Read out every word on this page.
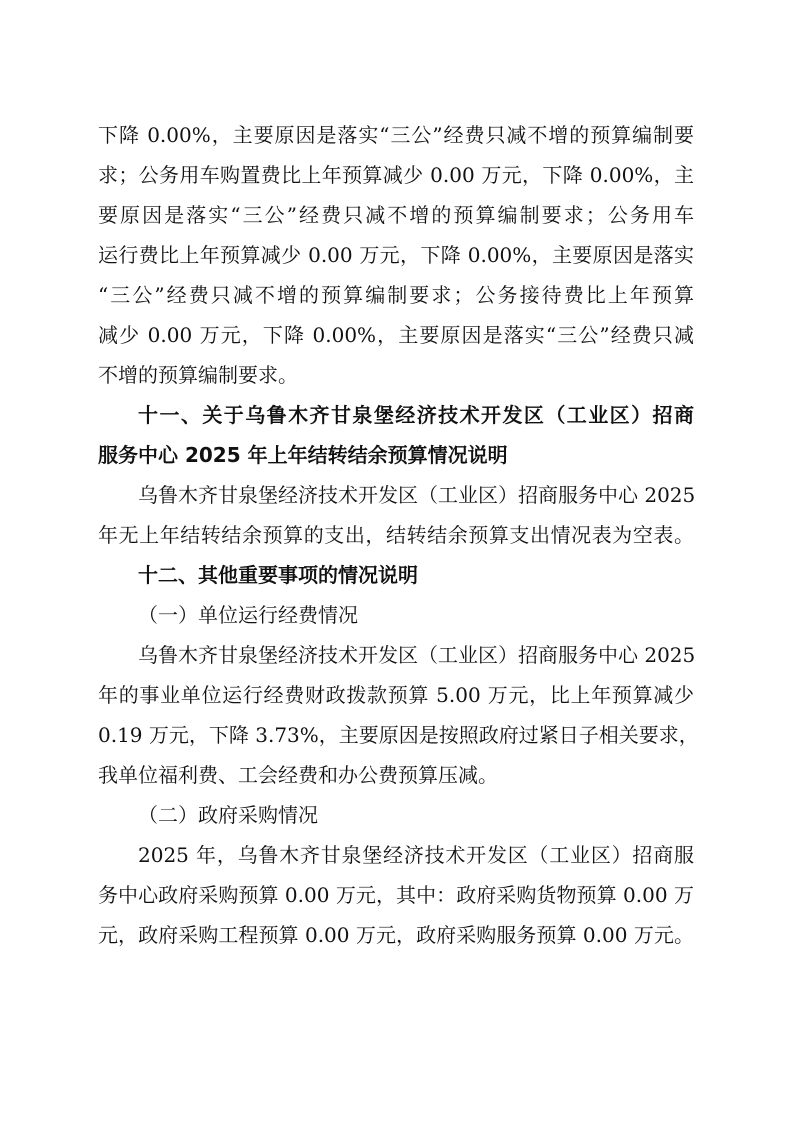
下降 0.00%，主要原因是落实“三公”经费只减不增的预算编制要
求；公务用车购置费比上年预算减少 0.00 万元，下降 0.00%，主
要原因是落实“三公”经费只减不增的预算编制要求；公务用车
运行费比上年预算减少 0.00 万元，下降 0.00%，主要原因是落实
“三公”经费只减不增的预算编制要求；公务接待费比上年预算
减少 0.00 万元，下降 0.00%，主要原因是落实“三公”经费只减
不增的预算编制要求。
十一、关于乌鲁木齐甘泉堡经济技术开发区（工业区）招商
服务中心 2025 年上年结转结余预算情况说明
乌鲁木齐甘泉堡经济技术开发区（工业区）招商服务中心 2025
年无上年结转结余预算的支出，结转结余预算支出情况表为空表。
十二、其他重要事项的情况说明
（一）单位运行经费情况
乌鲁木齐甘泉堡经济技术开发区（工业区）招商服务中心 2025
年的事业单位运行经费财政拨款预算 5.00 万元，比上年预算减少
0.19 万元，下降 3.73%，主要原因是按照政府过紧日子相关要求，
我单位福利费、工会经费和办公费预算压减。
（二）政府采购情况
2025 年，乌鲁木齐甘泉堡经济技术开发区（工业区）招商服
务中心政府采购预算 0.00 万元，其中：政府采购货物预算 0.00 万
元，政府采购工程预算 0.00 万元，政府采购服务预算 0.00 万元。
